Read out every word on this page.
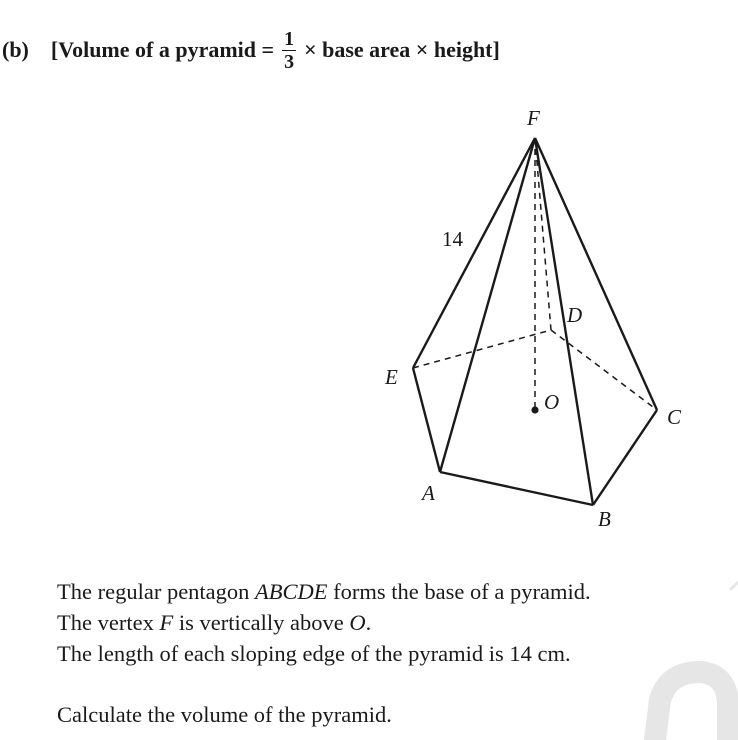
(b) [Volume of a pyramid = $\frac{1}{3}$ × base area × height]
F
14
D
E
O
C
A
B

The regular pentagon ABCDE forms the base of a pyramid.

The vertex F is vertically above O.

The length of each sloping edge of the pyramid is 14 cm.

Calculate the volume of the pyramid.
